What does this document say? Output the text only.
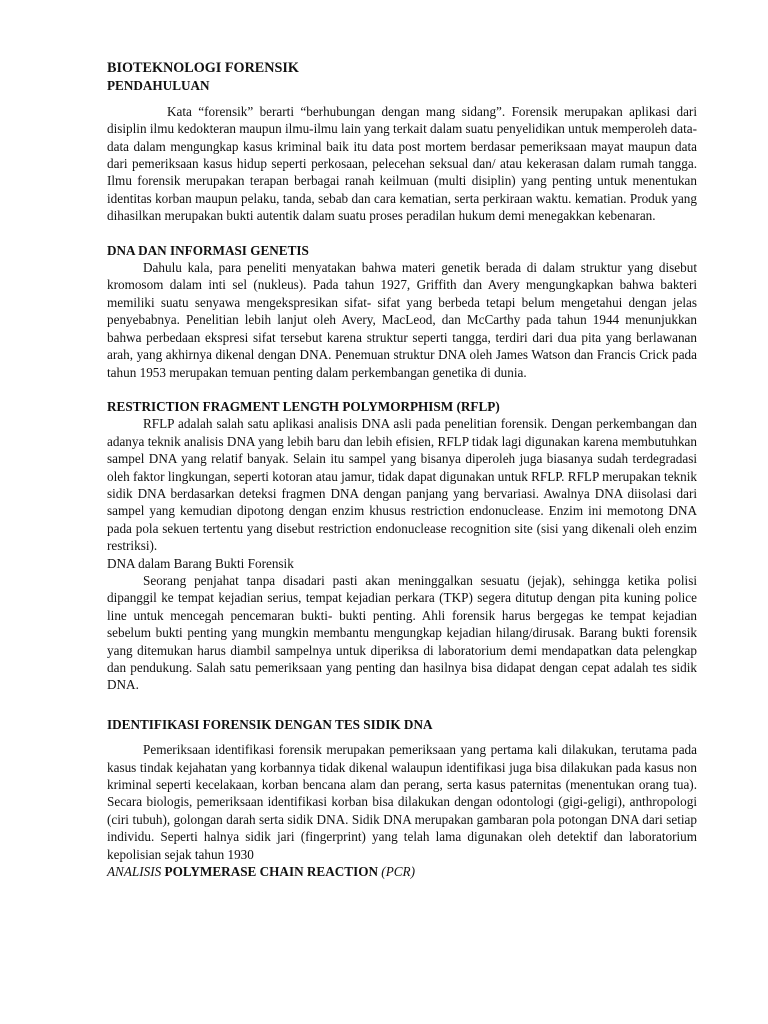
BIOTEKNOLOGI FORENSIK

PENDAHULUAN

Kata “forensik” berarti “berhubungan dengan mang sidang”. Forensik merupakan aplikasi dari disiplin ilmu kedokteran maupun ilmu-ilmu lain yang terkait dalam suatu penyelidikan untuk memperoleh data-data dalam mengungkap kasus kriminal baik itu data post mortem berdasar pemeriksaan mayat maupun data dari pemeriksaan kasus hidup seperti perkosaan, pelecehan seksual dan/ atau kekerasan dalam rumah tangga. Ilmu forensik merupakan terapan berbagai ranah keilmuan (multi disiplin) yang penting untuk menentukan identitas korban maupun pelaku, tanda, sebab dan cara kematian, serta perkiraan waktu. kematian. Produk yang dihasilkan merupakan bukti autentik dalam suatu proses peradilan hukum demi menegakkan kebenaran.

DNA DAN INFORMASI GENETIS

Dahulu kala, para peneliti menyatakan bahwa materi genetik berada di dalam struktur yang disebut kromosom dalam inti sel (nukleus). Pada tahun 1927, Griffith dan Avery mengungkapkan bahwa bakteri memiliki suatu senyawa mengekspresikan sifat- sifat yang berbeda tetapi belum mengetahui dengan jelas penyebabnya. Penelitian lebih lanjut oleh Avery, MacLeod, dan McCarthy pada tahun 1944 menunjukkan bahwa perbedaan ekspresi sifat tersebut karena struktur seperti tangga, terdiri dari dua pita yang berlawanan arah, yang akhirnya dikenal dengan DNA. Penemuan struktur DNA oleh James Watson dan Francis Crick pada tahun 1953 merupakan temuan penting dalam perkembangan genetika di dunia.

RESTRICTION FRAGMENT LENGTH POLYMORPHISM (RFLP)

RFLP adalah salah satu aplikasi analisis DNA asli pada penelitian forensik. Dengan perkembangan dan adanya teknik analisis DNA yang lebih baru dan lebih efisien, RFLP tidak lagi digunakan karena membutuhkan sampel DNA yang relatif banyak. Selain itu sampel yang bisanya diperoleh juga biasanya sudah terdegradasi oleh faktor lingkungan, seperti kotoran atau jamur, tidak dapat digunakan untuk RFLP. RFLP merupakan teknik sidik DNA berdasarkan deteksi fragmen DNA dengan panjang yang bervariasi. Awalnya DNA diisolasi dari sampel yang kemudian dipotong dengan enzim khusus restriction endonuclease. Enzim ini memotong DNA pada pola sekuen tertentu yang disebut restriction endonuclease recognition site (sisi yang dikenali oleh enzim restriksi).

DNA dalam Barang Bukti Forensik

Seorang penjahat tanpa disadari pasti akan meninggalkan sesuatu (jejak), sehingga ketika polisi dipanggil ke tempat kejadian serius, tempat kejadian perkara (TKP) segera ditutup dengan pita kuning police line untuk mencegah pencemaran bukti- bukti penting. Ahli forensik harus bergegas ke tempat kejadian sebelum bukti penting yang mungkin membantu mengungkap kejadian hilang/dirusak. Barang bukti forensik yang ditemukan harus diambil sampelnya untuk diperiksa di laboratorium demi mendapatkan data pelengkap dan pendukung. Salah satu pemeriksaan yang penting dan hasilnya bisa didapat dengan cepat adalah tes sidik DNA.

IDENTIFIKASI FORENSIK DENGAN TES SIDIK DNA

Pemeriksaan identifikasi forensik merupakan pemeriksaan yang pertama kali dilakukan, terutama pada kasus tindak kejahatan yang korbannya tidak dikenal walaupun identifikasi juga bisa dilakukan pada kasus non kriminal seperti kecelakaan, korban bencana alam dan perang, serta kasus paternitas (menentukan orang tua). Secara biologis, pemeriksaan identifikasi korban bisa dilakukan dengan odontologi (gigi-geligi), anthropologi (ciri tubuh), golongan darah serta sidik DNA. Sidik DNA merupakan gambaran pola potongan DNA dari setiap individu. Seperti halnya sidik jari (fingerprint) yang telah lama digunakan oleh detektif dan laboratorium kepolisian sejak tahun 1930

ANALISIS POLYMERASE CHAIN REACTION (PCR)
